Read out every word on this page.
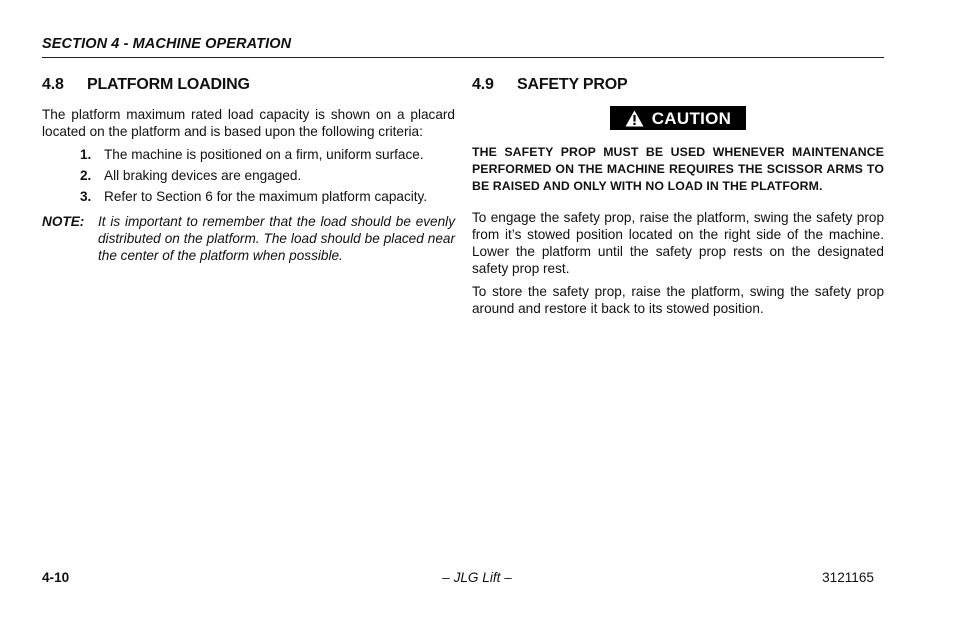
SECTION 4 - MACHINE OPERATION
4.8	PLATFORM LOADING

The platform maximum rated load capacity is shown on a placard located on the platform and is based upon the following criteria:

1. The machine is positioned on a firm, uniform surface.
2. All braking devices are engaged.
3. Refer to Section 6 for the maximum platform capacity.
NOTE:	It is important to remember that the load should be evenly distributed on the platform. The load should be placed near the center of the platform when possible.
4.9	SAFETY PROP
CAUTION
THE SAFETY PROP MUST BE USED WHENEVER MAINTENANCE PERFORMED ON THE MACHINE REQUIRES THE SCISSOR ARMS TO BE RAISED AND ONLY WITH NO LOAD IN THE PLATFORM.

To engage the safety prop, raise the platform, swing the safety prop from it’s stowed position located on the right side of the machine. Lower the platform until the safety prop rests on the designated safety prop rest.

To store the safety prop, raise the platform, swing the safety prop around and restore it back to its stowed position.

4-10	– JLG Lift –	3121165
